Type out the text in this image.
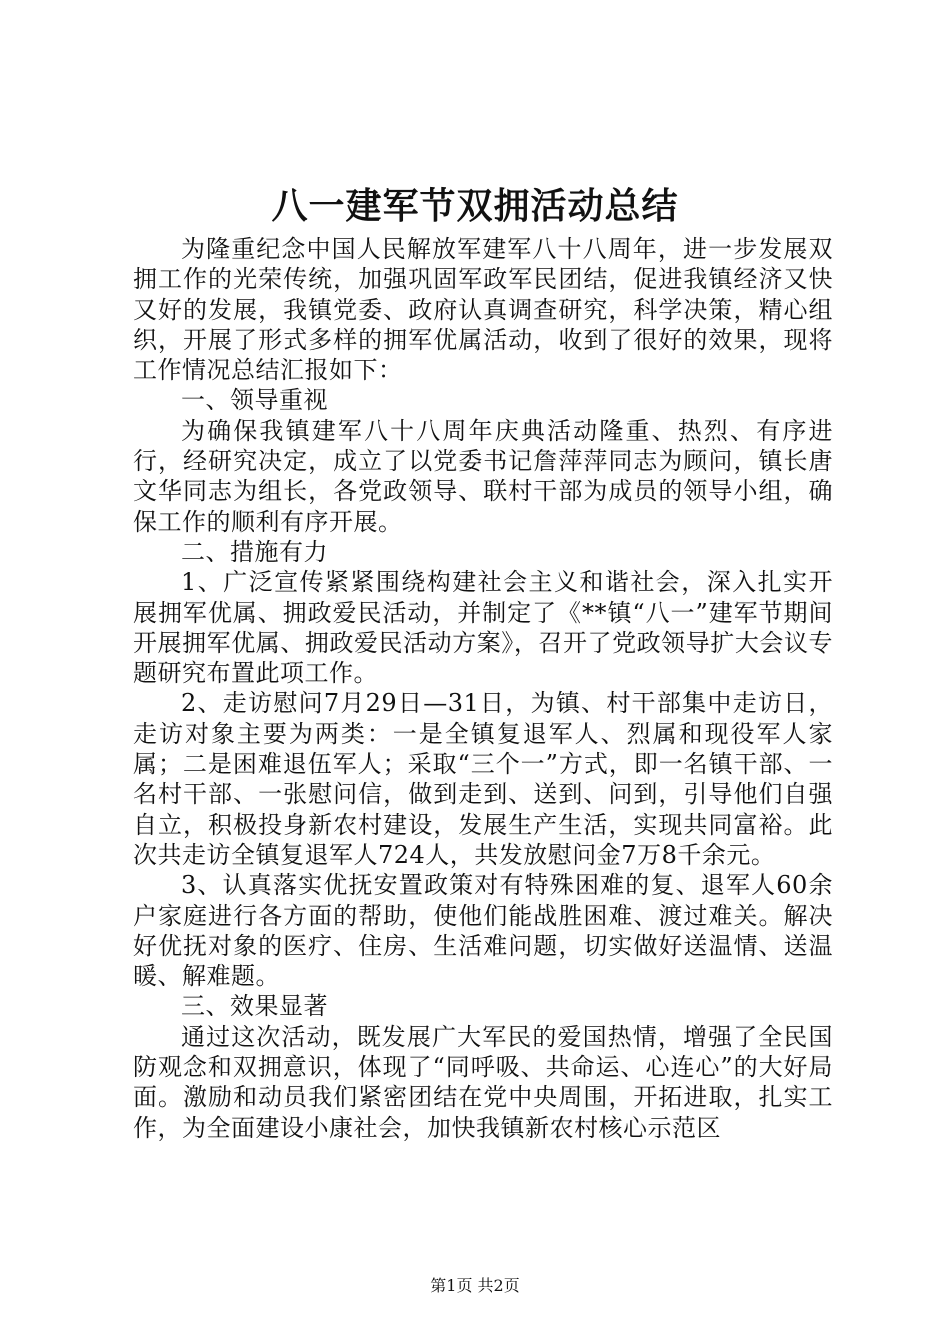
八一建军节双拥活动总结

为隆重纪念中国人民解放军建军八十八周年，进一步发展双拥工作的光荣传统，加强巩固军政军民团结，促进我镇经济又快又好的发展，我镇党委、政府认真调查研究，科学决策，精心组织，开展了形式多样的拥军优属活动，收到了很好的效果，现将工作情况总结汇报如下：

一、领导重视

为确保我镇建军八十八周年庆典活动隆重、热烈、有序进行，经研究决定，成立了以党委书记詹萍萍同志为顾问，镇长唐文华同志为组长，各党政领导、联村干部为成员的领导小组，确保工作的顺利有序开展。

二、措施有力

1、广泛宣传紧紧围绕构建社会主义和谐社会，深入扎实开展拥军优属、拥政爱民活动，并制定了《**镇“八一”建军节期间开展拥军优属、拥政爱民活动方案》，召开了党政领导扩大会议专题研究布置此项工作。

2、走访慰问7月29日—31日，为镇、村干部集中走访日，走访对象主要为两类：一是全镇复退军人、烈属和现役军人家属；二是困难退伍军人；采取“三个一”方式，即一名镇干部、一名村干部、一张慰问信，做到走到、送到、问到，引导他们自强自立，积极投身新农村建设，发展生产生活，实现共同富裕。此次共走访全镇复退军人724人，共发放慰问金7万8千余元。

3、认真落实优抚安置政策对有特殊困难的复、退军人60余户家庭进行各方面的帮助，使他们能战胜困难、渡过难关。解决好优抚对象的医疗、住房、生活难问题，切实做好送温情、送温暖、解难题。

三、效果显著

通过这次活动，既发展广大军民的爱国热情，增强了全民国防观念和双拥意识，体现了“同呼吸、共命运、心连心”的大好局面。激励和动员我们紧密团结在党中央周围，开拓进取，扎实工作，为全面建设小康社会，加快我镇新农村核心示范区

第1页 共2页
